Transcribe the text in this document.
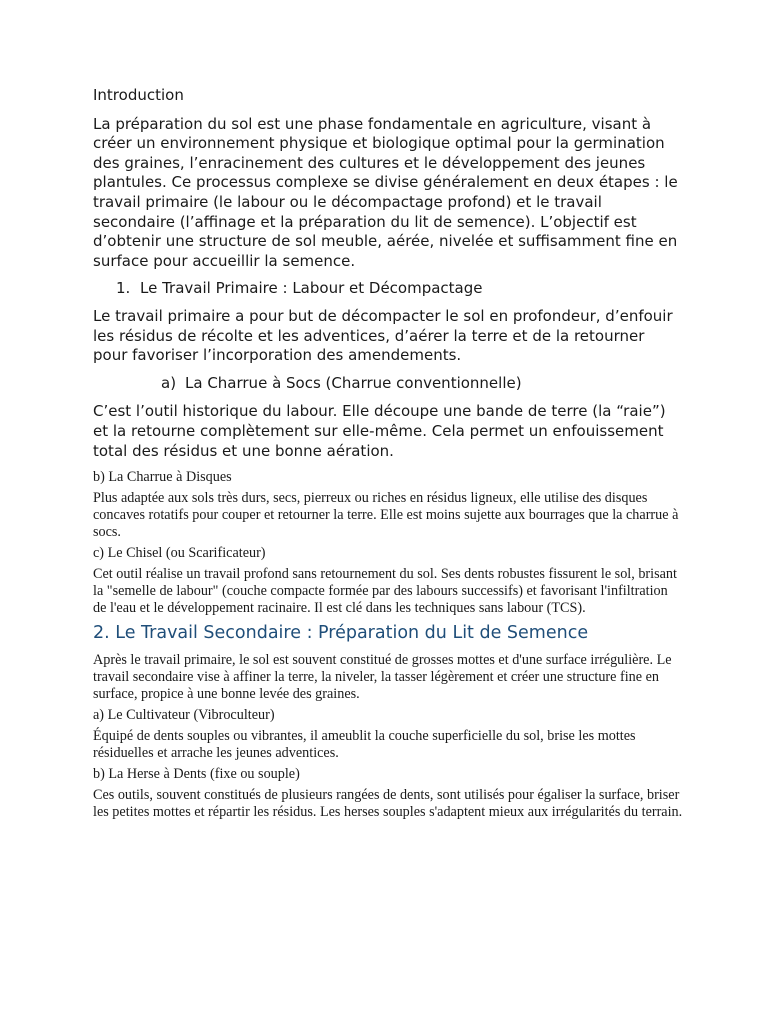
Introduction

La préparation du sol est une phase fondamentale en agriculture, visant à créer un environnement physique et biologique optimal pour la germination des graines, l’enracinement des cultures et le développement des jeunes plantules. Ce processus complexe se divise généralement en deux étapes : le travail primaire (le labour ou le décompactage profond) et le travail secondaire (l’affinage et la préparation du lit de semence). L’objectif est d’obtenir une structure de sol meuble, aérée, nivelée et suffisamment fine en surface pour accueillir la semence.

1. Le Travail Primaire : Labour et Décompactage

Le travail primaire a pour but de décompacter le sol en profondeur, d’enfouir les résidus de récolte et les adventices, d’aérer la terre et de la retourner pour favoriser l’incorporation des amendements.

a) La Charrue à Socs (Charrue conventionnelle)

C’est l’outil historique du labour. Elle découpe une bande de terre (la “raie”) et la retourne complètement sur elle-même. Cela permet un enfouissement total des résidus et une bonne aération.

b) La Charrue à Disques

Plus adaptée aux sols très durs, secs, pierreux ou riches en résidus ligneux, elle utilise des disques concaves rotatifs pour couper et retourner la terre. Elle est moins sujette aux bourrages que la charrue à socs.

c) Le Chisel (ou Scarificateur)

Cet outil réalise un travail profond sans retournement du sol. Ses dents robustes fissurent le sol, brisant la "semelle de labour" (couche compacte formée par des labours successifs) et favorisant l'infiltration de l'eau et le développement racinaire. Il est clé dans les techniques sans labour (TCS).

2. Le Travail Secondaire : Préparation du Lit de Semence

Après le travail primaire, le sol est souvent constitué de grosses mottes et d'une surface irrégulière. Le travail secondaire vise à affiner la terre, la niveler, la tasser légèrement et créer une structure fine en surface, propice à une bonne levée des graines.

a) Le Cultivateur (Vibroculteur)

Équipé de dents souples ou vibrantes, il ameublit la couche superficielle du sol, brise les mottes résiduelles et arrache les jeunes adventices.

b) La Herse à Dents (fixe ou souple)

Ces outils, souvent constitués de plusieurs rangées de dents, sont utilisés pour égaliser la surface, briser les petites mottes et répartir les résidus. Les herses souples s'adaptent mieux aux irrégularités du terrain.
